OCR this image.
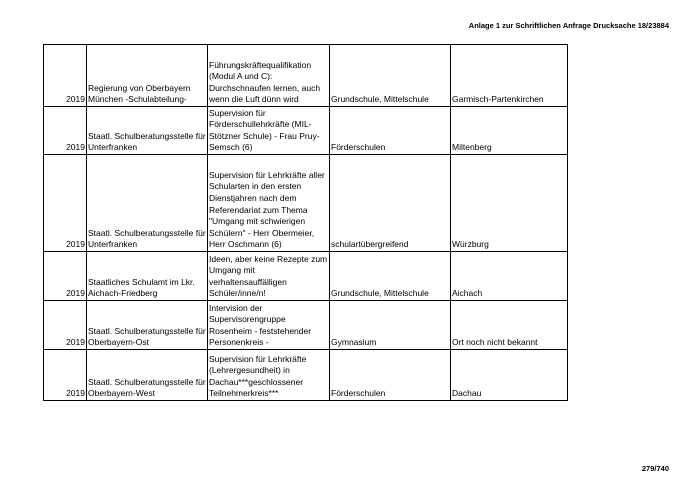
Anlage 1 zur Schriftlichen Anfrage Drucksache 18/23884
2019	Regierung von Oberbayern München -Schulabteilung-	Führungskräftequalifikation (Modul A und C): Durchschnaufen lernen, auch wenn die Luft dünn wird	Grundschule, Mittelschule	Garmisch-Partenkirchen
2019	Staatl. Schulberatungsstelle für Unterfranken	Supervision für Förderschullehrkräfte (MIL-Stötzner Schule) - Frau Pruy-Semsch (6)	Förderschulen	Miltenberg
2019	Staatl. Schulberatungsstelle für Unterfranken	Supervision für Lehrkräfte aller Schularten in den ersten Dienstjahren nach dem Referendariat zum Thema "Umgang mit schwierigen Schülern" - Herr Obermeier, Herr Oschmann (6)	schulartübergreifend	Würzburg
2019	Staatliches Schulamt im Lkr. Aichach-Friedberg	Ideen, aber keine Rezepte zum Umgang mit verhaltensauffälligen Schüler/inne/n!	Grundschule, Mittelschule	Aichach
2019	Staatl. Schulberatungsstelle für Oberbayern-Ost	Intervision der Supervisorengruppe Rosenheim - feststehender Personenkreis -	Gymnasium	Ort noch nicht bekannt
2019	Staatl. Schulberatungsstelle für Oberbayern-West	Supervision für Lehrkräfte (Lehrergesundheit) in Dachau***geschlossener Teilnehmerkreis***	Förderschulen	Dachau
279/740
